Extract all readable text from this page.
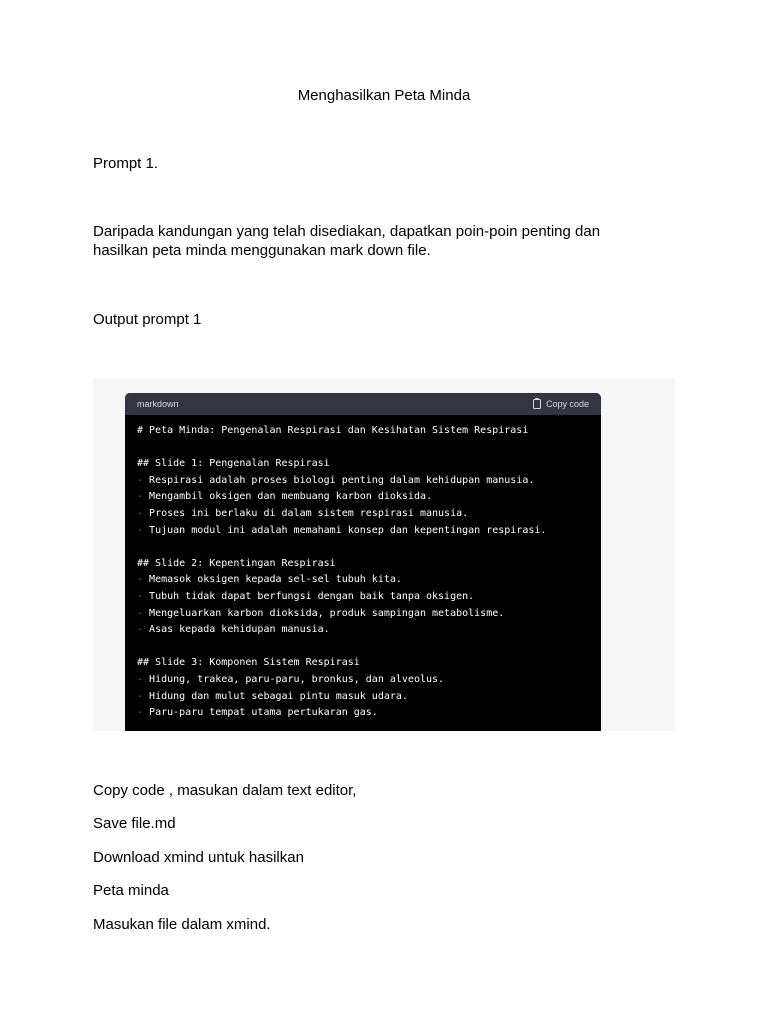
Menghasilkan Peta Minda
Prompt 1.
Daripada kandungan yang telah disediakan, dapatkan poin-poin penting dan hasilkan peta minda menggunakan mark down file.
Output prompt 1
markdown	Copy code
# Peta Minda: Pengenalan Respirasi dan Kesihatan Sistem Respirasi
## Slide 1: Pengenalan Respirasi
- Respirasi adalah proses biologi penting dalam kehidupan manusia.
- Mengambil oksigen dan membuang karbon dioksida.
- Proses ini berlaku di dalam sistem respirasi manusia.
- Tujuan modul ini adalah memahami konsep dan kepentingan respirasi.
## Slide 2: Kepentingan Respirasi
- Memasok oksigen kepada sel-sel tubuh kita.
- Tubuh tidak dapat berfungsi dengan baik tanpa oksigen.
- Mengeluarkan karbon dioksida, produk sampingan metabolisme.
- Asas kepada kehidupan manusia.
## Slide 3: Komponen Sistem Respirasi
- Hidung, trakea, paru-paru, bronkus, dan alveolus.
- Hidung dan mulut sebagai pintu masuk udara.
- Paru-paru tempat utama pertukaran gas.
Copy code , masukan dalam text editor,
Save file.md
Download xmind untuk hasilkan
Peta minda
Masukan file dalam xmind.
